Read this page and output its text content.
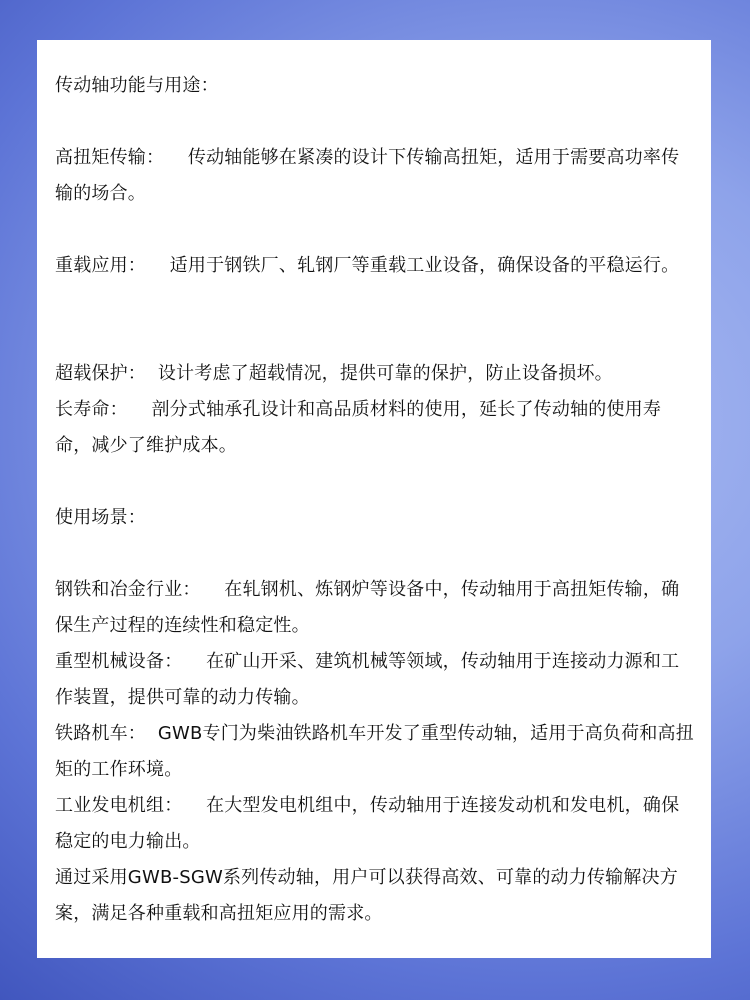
传动轴功能与用途：

高扭矩传输：    传动轴能够在紧凑的设计下传输高扭矩，适用于需要高功率传输的场合。

重载应用：    适用于钢铁厂、轧钢厂等重载工业设备，确保设备的平稳运行。

超载保护：  设计考虑了超载情况，提供可靠的保护，防止设备损坏。

长寿命：    剖分式轴承孔设计和高品质材料的使用，延长了传动轴的使用寿命，减少了维护成本。

使用场景：

钢铁和冶金行业：    在轧钢机、炼钢炉等设备中，传动轴用于高扭矩传输，确保生产过程的连续性和稳定性。

重型机械设备：    在矿山开采、建筑机械等领域，传动轴用于连接动力源和工作装置，提供可靠的动力传输。

铁路机车：  GWB专门为柴油铁路机车开发了重型传动轴，适用于高负荷和高扭矩的工作环境。

工业发电机组：    在大型发电机组中，传动轴用于连接发动机和发电机，确保稳定的电力输出。

通过采用GWB-SGW系列传动轴，用户可以获得高效、可靠的动力传输解决方案，满足各种重载和高扭矩应用的需求。
